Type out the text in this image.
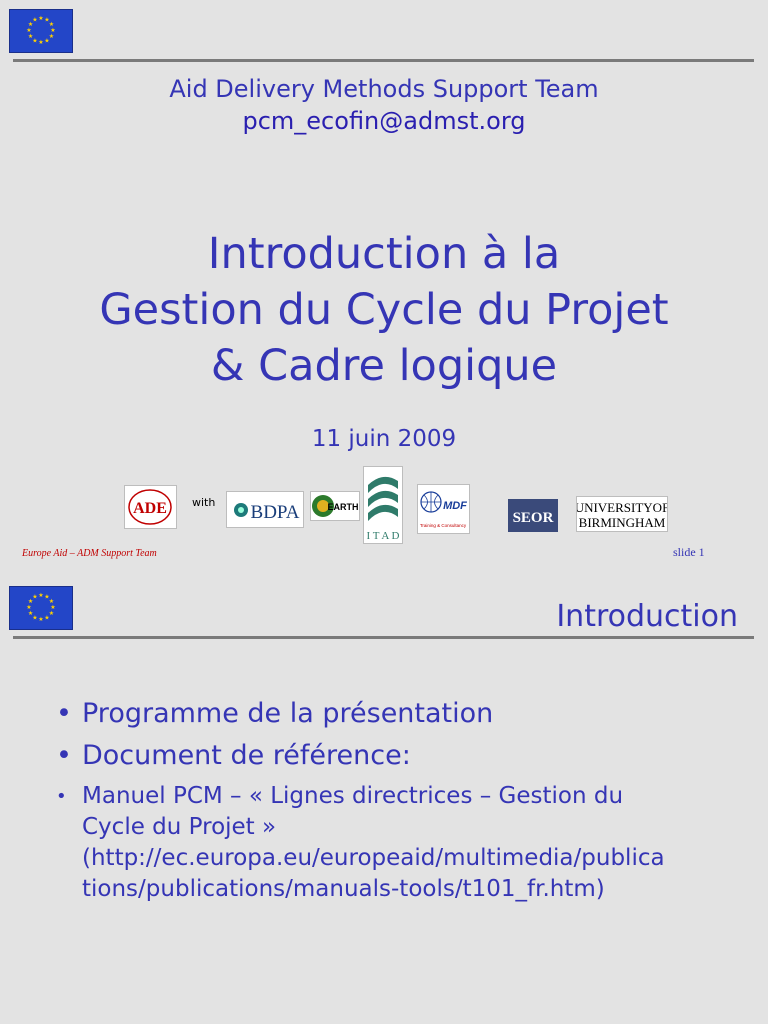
★ ★
★
★
★
★
★
★
★
★
★
★
Aid Delivery Methods Support Team
pcm_ecofin@admst.org
Introduction à la
Gestion du Cycle du Projet
& Cadre logique
11 juin 2009
ADE with BDPA	EARTH
I T A D
MDF
Training & Consultancy	SEOR
UNIVERSITYOF
BIRMINGHAM
Europe Aid – ADM Support Team	slide 1
★ ★
★
★
★
★
★
★
★
★
★
★
Introduction
• Programme de la présentation
• Document de référence:
• Manuel PCM – « Lignes directrices – Gestion du
Cycle du Projet »
(http://ec.europa.eu/europeaid/multimedia/publica
tions/publications/manuals-tools/t101_fr.htm)
